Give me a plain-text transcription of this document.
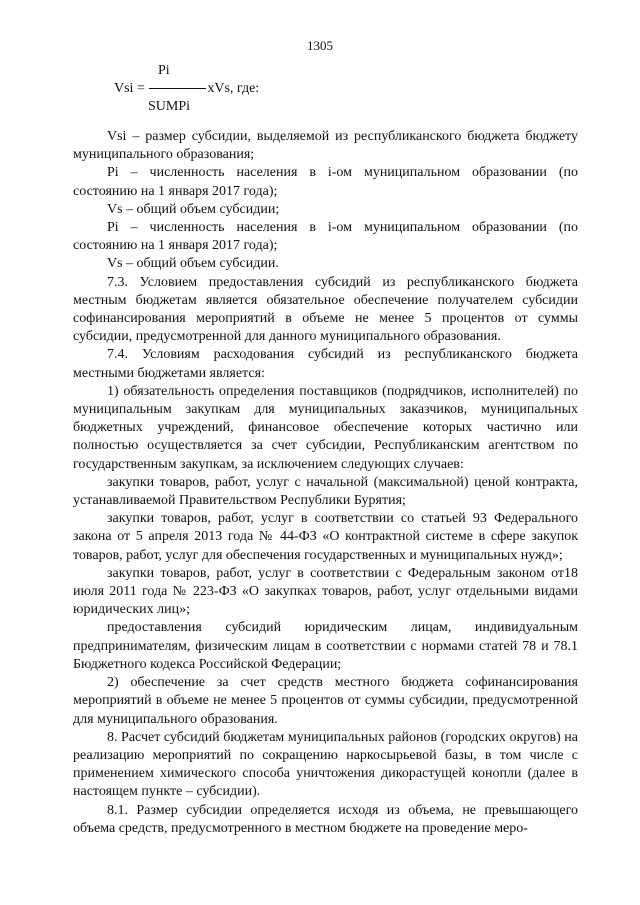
1305
Pi
Vsi =	xVs, где:
SUMPi

Vsi – размер субсидии, выделяемой из республиканского бюджета бюджету муниципального образования;

Pi – численность населения в i-ом муниципальном образовании (по состоянию на 1 января 2017 года);

Vs – общий объем субсидии;

Pi – численность населения в i-ом муниципальном образовании (по состоянию на 1 января 2017 года);

Vs – общий объем субсидии.

7.3. Условием предоставления субсидий из республиканского бюджета местным бюджетам является обязательное обеспечение получателем субсидии софинансирования мероприятий в объеме не менее 5 процентов от суммы субсидии, предусмотренной для данного муниципального образования.

7.4. Условиям расходования субсидий из республиканского бюджета местными бюджетами является:

1) обязательность определения поставщиков (подрядчиков, исполнителей) по муниципальным закупкам для муниципальных заказчиков, муниципальных бюджетных учреждений, финансовое обеспечение которых частично или полностью осуществляется за счет субсидии, Республиканским агентством по государственным закупкам, за исключением следующих случаев:

закупки товаров, работ, услуг с начальной (максимальной) ценой контракта, устанавливаемой Правительством Республики Бурятия;

закупки товаров, работ, услуг в соответствии со статьей 93 Федерального закона от 5 апреля 2013 года № 44-ФЗ «О контрактной системе в сфере закупок товаров, работ, услуг для обеспечения государственных и муниципальных нужд»;

закупки товаров, работ, услуг в соответствии с Федеральным законом от18 июля 2011 года № 223-ФЗ «О закупках товаров, работ, услуг отдельными видами юридических лиц»;

предоставления субсидий юридическим лицам, индивидуальным предпринимателям, физическим лицам в соответствии с нормами статей 78 и 78.1 Бюджетного кодекса Российской Федерации;

2) обеспечение за счет средств местного бюджета софинансирования мероприятий в объеме не менее 5 процентов от суммы субсидии, предусмотренной для муниципального образования.

8. Расчет субсидий бюджетам муниципальных районов (городских округов) на реализацию мероприятий по сокращению наркосырьевой базы, в том числе с применением химического способа уничтожения дикорастущей конопли (далее в настоящем пункте – субсидии).

8.1. Размер субсидии определяется исходя из объема, не превышающего объема средств, предусмотренного в местном бюджете на проведение меро-
